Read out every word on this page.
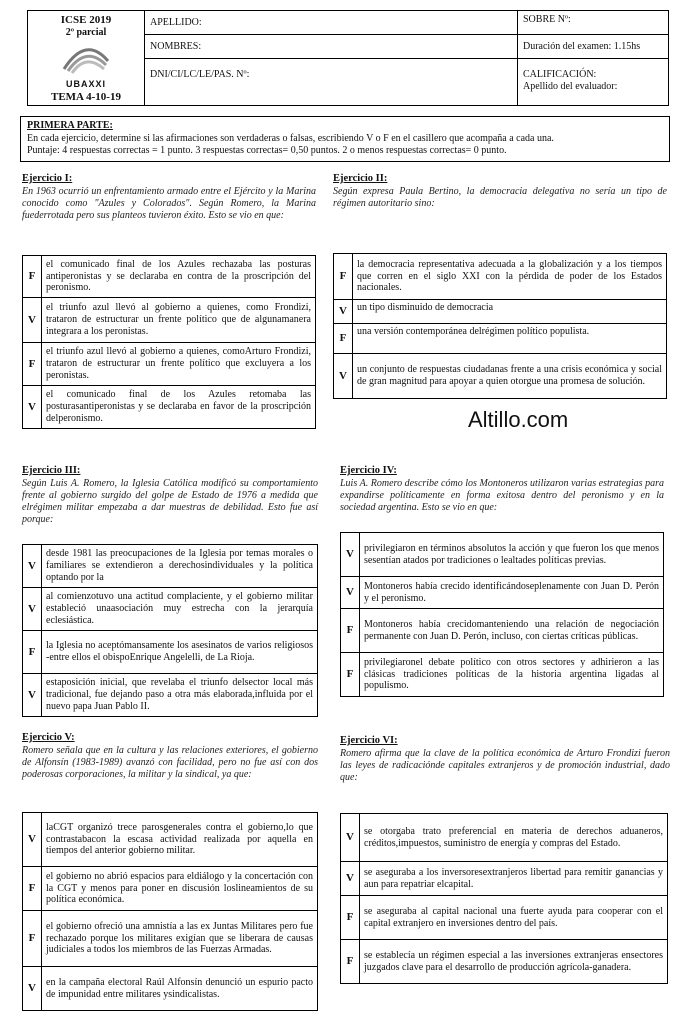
ICSE 2019
2º parcial
UBAXXI
TEMA 4-10-19
APELLIDO:
NOMBRES:
DNI/CI/LC/LE/PAS. Nº:
SOBRE Nº:
Duración del examen: 1.15hs
CALIFICACIÓN:
Apellido del evaluador:
PRIMERA PARTE:
En cada ejercicio, determine si las afirmaciones son verdaderas o falsas, escribiendo V o F en el casillero que acompaña a cada una.
Puntaje: 4 respuestas correctas = 1 punto. 3 respuestas correctas= 0,50 puntos. 2 o menos respuestas correctas= 0 punto.
Ejercicio I:
En 1963 ocurrió un enfrentamiento armado entre el Ejército y la Marina conocido como "Azules y Colorados". Según Romero, la Marina fuederrotada pero sus planteos tuvieron éxito. Esto se vio en que:
F	el comunicado final de los Azules rechazaba las posturas antiperonistas y se declaraba en contra de la proscripción del peronismo.
V	el triunfo azul llevó al gobierno a quienes, como Frondizi, trataron de estructurar un frente político que de algunamanera integrara a los peronistas.
F	el triunfo azul llevó al gobierno a quienes, comoArturo Frondizi, trataron de estructurar un frente político que excluyera a los peronistas.
V	el comunicado final de los Azules retomaba las posturasantiperonistas y se declaraba en favor de la proscripción delperonismo.
Ejercicio II:
Según expresa Paula Bertino, la democracia delegativa no sería un tipo de régimen autoritario sino:
F	la democracia representativa adecuada a la globalización y a los tiempos que corren en el siglo XXI con la pérdida de poder de los Estados nacionales.
V	un tipo disminuido de democracia
F	una versión contemporánea delrégimen político populista.
V	un conjunto de respuestas ciudadanas frente a una crisis económica y social de gran magnitud para apoyar a quien otorgue una promesa de solución.
Altillo.com
Ejercicio III:
Según Luis A. Romero, la Iglesia Católica modificó su comportamiento frente al gobierno surgido del golpe de Estado de 1976 a medida que elrégimen militar empezaba a dar muestras de debilidad. Esto fue así porque:
V	desde 1981 las preocupaciones de la Iglesia por temas morales o familiares se extendieron a derechosindividuales y la política optando por la
V	al comienzotuvo una actitud complaciente, y el gobierno militar estableció unaasociación muy estrecha con la jerarquía eclesiástica.
F	la Iglesia no aceptómansamente los asesinatos de varios religiosos -entre ellos el obispoEnrique Angelelli, de La Rioja.
V	estaposición inicial, que revelaba el triunfo delsector local más tradicional, fue dejando paso a otra más elaborada,influida por el nuevo papa Juan Pablo II.
Ejercicio IV:
Luis A. Romero describe cómo los Montoneros utilizaron varias estrategias para expandirse políticamente en forma exitosa dentro del peronismo y en la sociedad argentina. Esto se vio en que:
V	privilegiaron en términos absolutos la acción y que fueron los que menos sesentían atados por tradiciones o lealtades políticas previas.
V	Montoneros había crecido identificándoseplenamente con Juan D. Perón y el peronismo.
F	Montoneros había crecidomanteniendo una relación de negociación permanente con Juan D. Perón, incluso, con ciertas críticas públicas.
F	privilegiaronel debate político con otros sectores y adhirieron a las clásicas tradiciones políticas de la historia argentina ligadas al populismo.
Ejercicio V:
Romero señala que en la cultura y las relaciones exteriores, el gobierno de Alfonsín (1983-1989) avanzó con facilidad, pero no fue así con dos poderosas corporaciones, la militar y la sindical, ya que:
V	laCGT organizó trece parosgenerales contra el gobierno,lo que contrastabacon la escasa actividad realizada por aquella en tiempos del anterior gobierno militar.
F	el gobierno no abrió espacios para eldiálogo y la concertación con la CGT y menos para poner en discusión loslineamientos de su política económica.
F	el gobierno ofreció una amnistía a las ex Juntas Militares pero fue rechazado porque los militares exigían que se liberara de causas judiciales a todos los miembros de las Fuerzas Armadas.
V	en la campaña electoral Raúl Alfonsín denunció un espurio pacto de impunidad entre militares ysindicalistas.
Ejercicio VI:
Romero afirma que la clave de la política económica de Arturo Frondizi fueron las leyes de radicacióndе capitales extranjeros y de promoción industrial, dado que:
V	se otorgaba trato preferencial en materia de derechos aduaneros, créditos,impuestos, suministro de energía y compras del Estado.
V	se aseguraba a los inversoresextranjeros libertad para remitir ganancias y aun para repatriar elcapital.
F	se aseguraba al capital nacional una fuerte ayuda para cooperar con el capital extranjero en inversiones dentro del país.
F	se establecía un régimen especial a las inversiones extranjeras ensectores juzgados clave para el desarrollo de producción agrícola-ganadera.
